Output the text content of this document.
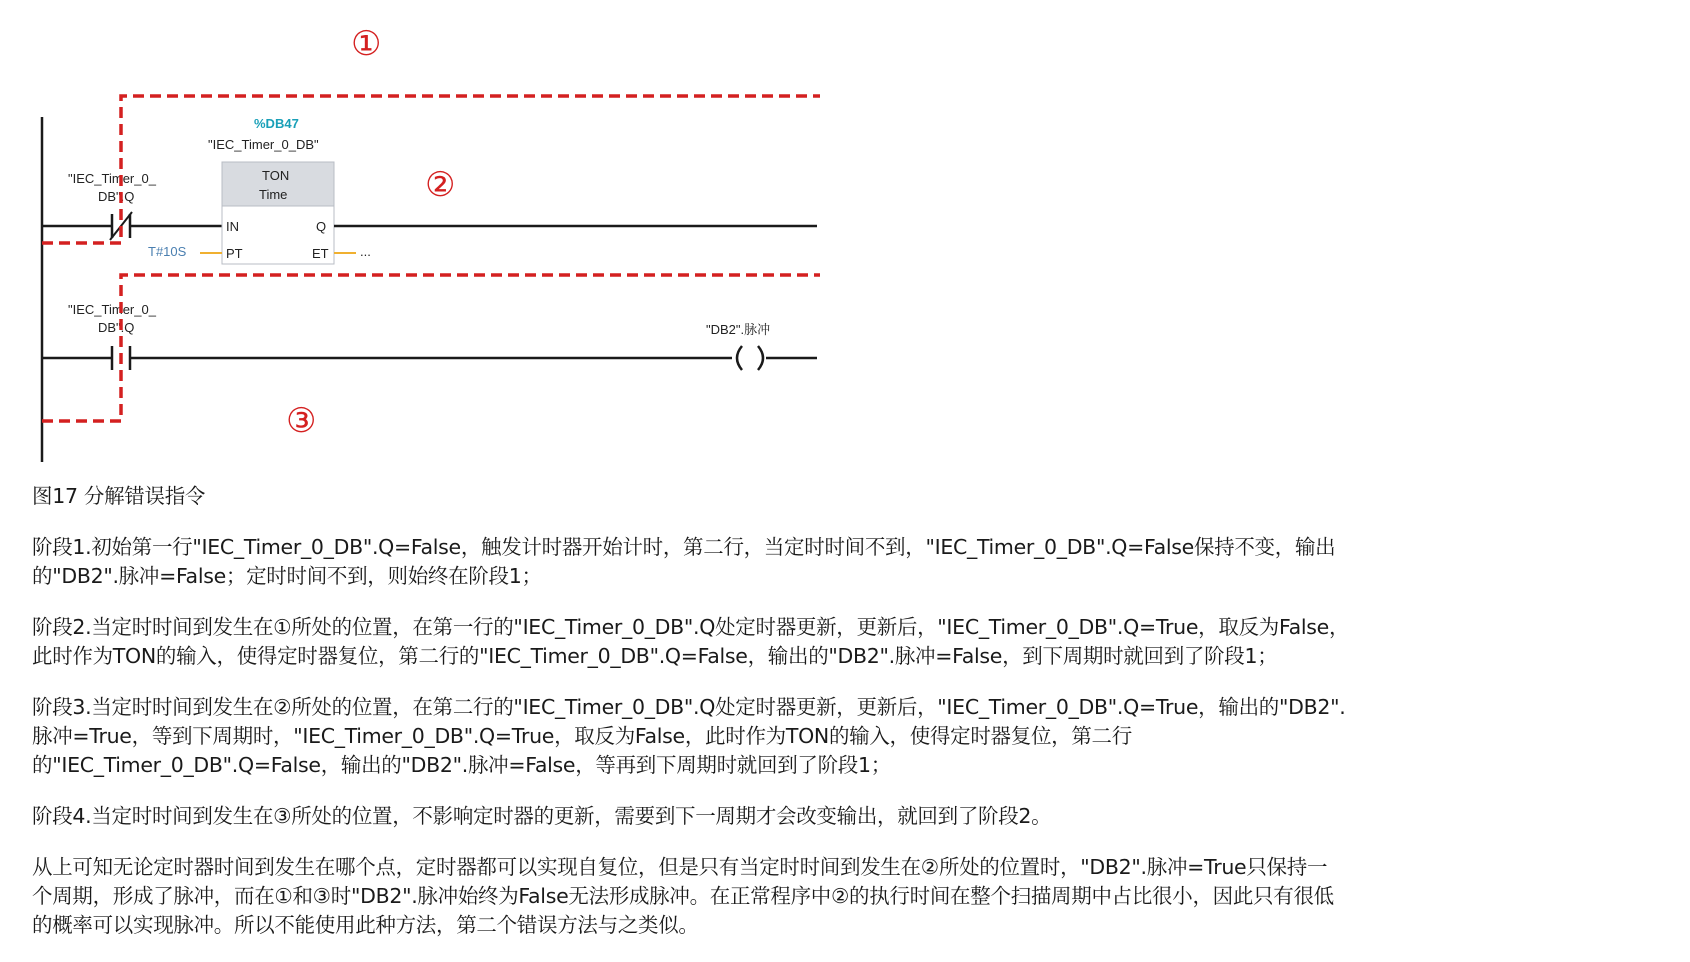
"IEC_Timer_0_
DB".Q
%DB47
"IEC_Timer_0_DB"
TON
Time
IN	Q
PT	ET
T#10S	...
"IEC_Timer_0_
DB".Q	"DB2".脉冲
①
②
③
图17 分解错误指令
阶段1.初始第一行"IEC_Timer_0_DB".Q=False，触发计时器开始计时，第二行，当定时时间不到，"IEC_Timer_0_DB".Q=False保持不变，输出
的"DB2".脉冲=False；定时时间不到，则始终在阶段1；
阶段2.当定时时间到发生在①所处的位置，在第一行的"IEC_Timer_0_DB".Q处定时器更新，更新后，"IEC_Timer_0_DB".Q=True，取反为False，
此时作为TON的输入，使得定时器复位，第二行的"IEC_Timer_0_DB".Q=False，输出的"DB2".脉冲=False，到下周期时就回到了阶段1；
阶段3.当定时时间到发生在②所处的位置，在第二行的"IEC_Timer_0_DB".Q处定时器更新，更新后，"IEC_Timer_0_DB".Q=True，输出的"DB2".
脉冲=True，等到下周期时，"IEC_Timer_0_DB".Q=True，取反为False，此时作为TON的输入，使得定时器复位，第二行
的"IEC_Timer_0_DB".Q=False，输出的"DB2".脉冲=False，等再到下周期时就回到了阶段1；
阶段4.当定时时间到发生在③所处的位置，不影响定时器的更新，需要到下一周期才会改变输出，就回到了阶段2。
从上可知无论定时器时间到发生在哪个点，定时器都可以实现自复位，但是只有当定时时间到发生在②所处的位置时，"DB2".脉冲=True只保持一
个周期，形成了脉冲，而在①和③时"DB2".脉冲始终为False无法形成脉冲。在正常程序中②的执行时间在整个扫描周期中占比很小，因此只有很低
的概率可以实现脉冲。所以不能使用此种方法，第二个错误方法与之类似。
